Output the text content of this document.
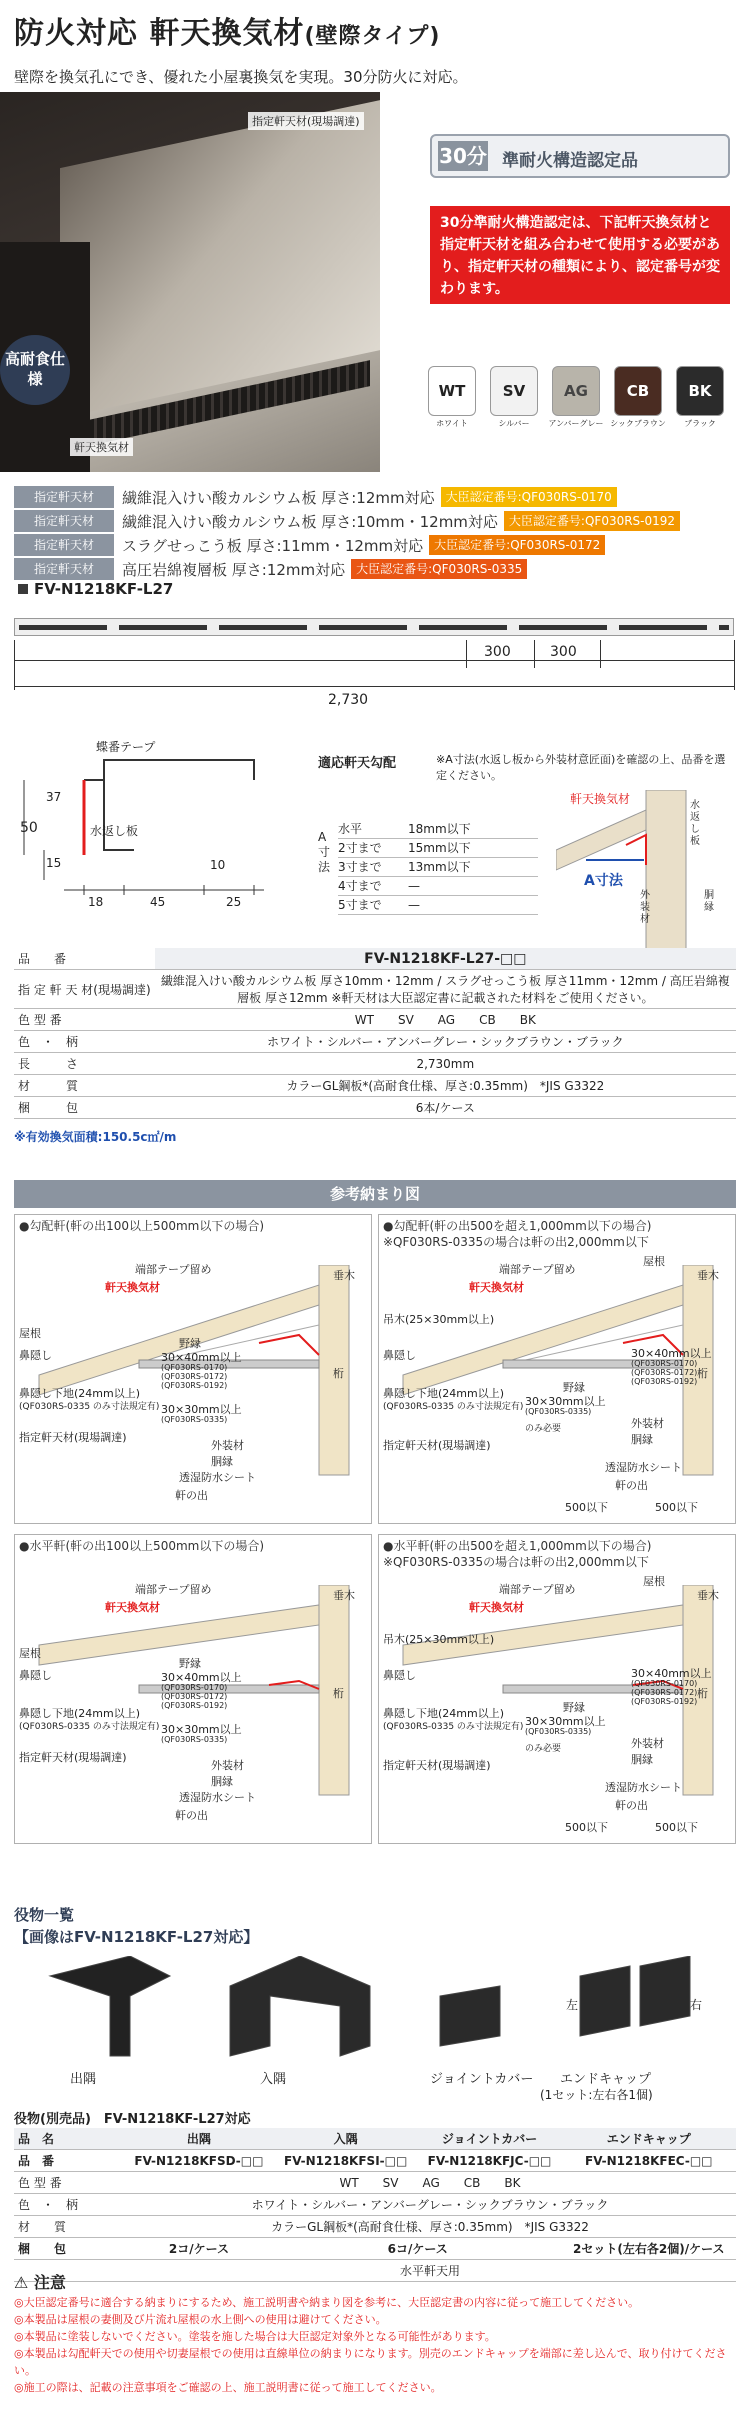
防火対応 軒天換気材(壁際タイプ)
壁際を換気孔にでき、優れた小屋裏換気を実現。30分防火に対応。
指定軒天材(現場調達)
軒天換気材
高耐食仕様
30分 準耐火構造認定品
30分準耐火構造認定は、下記軒天換気材と指定軒天材を組み合わせて使用する必要があり、指定軒天材の種類により、認定番号が変わります。
WT
ホワイト
SV
シルバー
AG
アンバーグレー
CB
シックブラウン
BK
ブラック
指定軒天材 繊維混入けい酸カルシウム板 厚さ:12mm対応 大臣認定番号:QF030RS-0170
指定軒天材 繊維混入けい酸カルシウム板 厚さ:10mm・12mm対応 大臣認定番号:QF030RS-0192
指定軒天材 スラグせっこう板 厚さ:11mm・12mm対応 大臣認定番号:QF030RS-0172
指定軒天材 高圧岩綿複層板 厚さ:12mm対応 大臣認定番号:QF030RS-0335
FV-N1218KF-L27
300	300
2,730
蝶番テープ
水返し板
50
37
15
18	45	25
10
適応軒天勾配	※A寸法(水返し板から外装材意匠面)を確認の上、品番を選定ください。
A寸法
水平	18mm以下
2寸まで	15mm以下
3寸まで	13mm以下
4寸まで	—
5寸まで	—
軒天換気材	水返し板
A寸法
外装材
胴縁
品　　番	FV-N1218KF-L27-□□
指 定 軒 天 材(現場調達)	繊維混入けい酸カルシウム板 厚さ10mm・12mm / スラグせっこう板 厚さ11mm・12mm / 高圧岩綿複層板 厚さ12mm ※軒天材は大臣認定書に記載された材料をご使用ください。
色 型 番	WT　　SV　　AG　　CB　　BK
色　・　柄	ホワイト・シルバー・アンバーグレー・シックブラウン・ブラック
長　　　さ	2,730mm
材　　　質	カラーGL鋼板*(高耐食仕様、厚さ:0.35mm)　*JIS G3322
梱　　　包	6本/ケース
※有効換気面積:150.5c㎡/m
参考納まり図
●勾配軒(軒の出100以上500mm以下の場合)
端部テープ留め
軒天換気材
垂木
桁
屋根
鼻隠し
鼻隠し下地(24mm以上)
(QF030RS-0335 のみ寸法規定有)
指定軒天材(現場調達)
野縁
30×40mm以上
(QF030RS-0170) (QF030RS-0172) (QF030RS-0192)
30×30mm以上
(QF030RS-0335)
外装材
胴縁
透湿防水シート
軒の出
●勾配軒(軒の出500を超え1,000mm以下の場合)
※QF030RS-0335の場合は軒の出2,000mm以下
端部テープ留め
軒天換気材
垂木
桁
吊木(25×30mm以上)
屋根
鼻隠し
鼻隠し下地(24mm以上)
(QF030RS-0335 のみ寸法規定有)
指定軒天材(現場調達)
野縁
30×30mm以上
(QF030RS-0335)
のみ必要
30×40mm以上
(QF030RS-0170) (QF030RS-0172) (QF030RS-0192)
外装材
胴縁
透湿防水シート
軒の出
500以下	500以下
●水平軒(軒の出100以上500mm以下の場合)
端部テープ留め
軒天換気材
垂木
桁
屋根
鼻隠し
鼻隠し下地(24mm以上)
(QF030RS-0335 のみ寸法規定有)
指定軒天材(現場調達)
野縁
30×40mm以上
(QF030RS-0170) (QF030RS-0172) (QF030RS-0192)
30×30mm以上
(QF030RS-0335)
外装材
胴縁
透湿防水シート
軒の出
●水平軒(軒の出500を超え1,000mm以下の場合)
※QF030RS-0335の場合は軒の出2,000mm以下
端部テープ留め
軒天換気材
垂木
桁
吊木(25×30mm以上)
屋根
鼻隠し
鼻隠し下地(24mm以上)
(QF030RS-0335 のみ寸法規定有)
指定軒天材(現場調達)
野縁
30×30mm以上
(QF030RS-0335)
のみ必要
30×40mm以上
(QF030RS-0170) (QF030RS-0172) (QF030RS-0192)
外装材
胴縁
透湿防水シート
軒の出
500以下	500以下
役物一覧
【画像はFV-N1218KF-L27対応】
出隅	入隅	ジョイントカバー エンドキャップ
(1セット:左右各1個)
左	右
役物(別売品)　FV-N1218KF-L27対応
品　名	出隅	入隅	ジョイントカバー	エンドキャップ
品　番	FV-N1218KFSD-□□	FV-N1218KFSI-□□	FV-N1218KFJC-□□	FV-N1218KFEC-□□
色 型 番	WT　　SV　　AG　　CB　　BK			
色　・　柄	ホワイト・シルバー・アンバーグレー・シックブラウン・ブラック			
材　　質	カラーGL鋼板*(高耐食仕様、厚さ:0.35mm)　*JIS G3322			
梱　　包	2コ/ケース	6コ/ケース		2セット(左右各2個)/ケース
	水平軒天用			
⚠ 注意
◎大臣認定番号に適合する納まりにするため、施工説明書や納まり図を参考に、大臣認定書の内容に従って施工してください。
◎本製品は屋根の妻側及び片流れ屋根の水上側への使用は避けてください。
◎本製品に塗装しないでください。塗装を施した場合は大臣認定対象外となる可能性があります。
◎本製品は勾配軒天での使用や切妻屋根での使用は直線単位の納まりになります。別売のエンドキャップを端部に差し込んで、取り付けてください。
◎施工の際は、記載の注意事項をご確認の上、施工説明書に従って施工してください。
